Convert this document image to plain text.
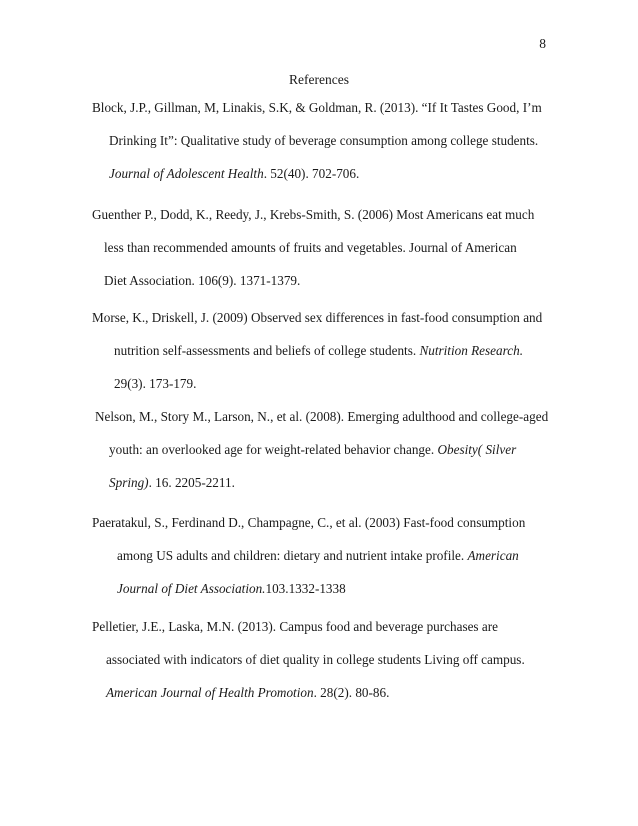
8
References
Block, J.P., Gillman, M, Linakis, S.K, & Goldman, R. (2013). “If It Tastes Good, I’m
Drinking It”: Qualitative study of beverage consumption among college students.
Journal of Adolescent Health. 52(40). 702-706.
Guenther P., Dodd, K., Reedy, J., Krebs-Smith, S. (2006) Most Americans eat much
less than recommended amounts of fruits and vegetables. Journal of American
Diet Association. 106(9). 1371-1379.
Morse, K., Driskell, J. (2009) Observed sex differences in fast-food consumption and
nutrition self-assessments and beliefs of college students. Nutrition Research.
29(3). 173-179.
Nelson, M., Story M., Larson, N., et al. (2008). Emerging adulthood and college-aged
youth: an overlooked age for weight-related behavior change. Obesity( Silver
Spring). 16. 2205-2211.
Paeratakul, S., Ferdinand D., Champagne, C., et al. (2003) Fast-food consumption
among US adults and children: dietary and nutrient intake profile. American
Journal of Diet Association.103.1332-1338
Pelletier, J.E., Laska, M.N. (2013). Campus food and beverage purchases are
associated with indicators of diet quality in college students Living off campus.
American Journal of Health Promotion. 28(2). 80-86.
